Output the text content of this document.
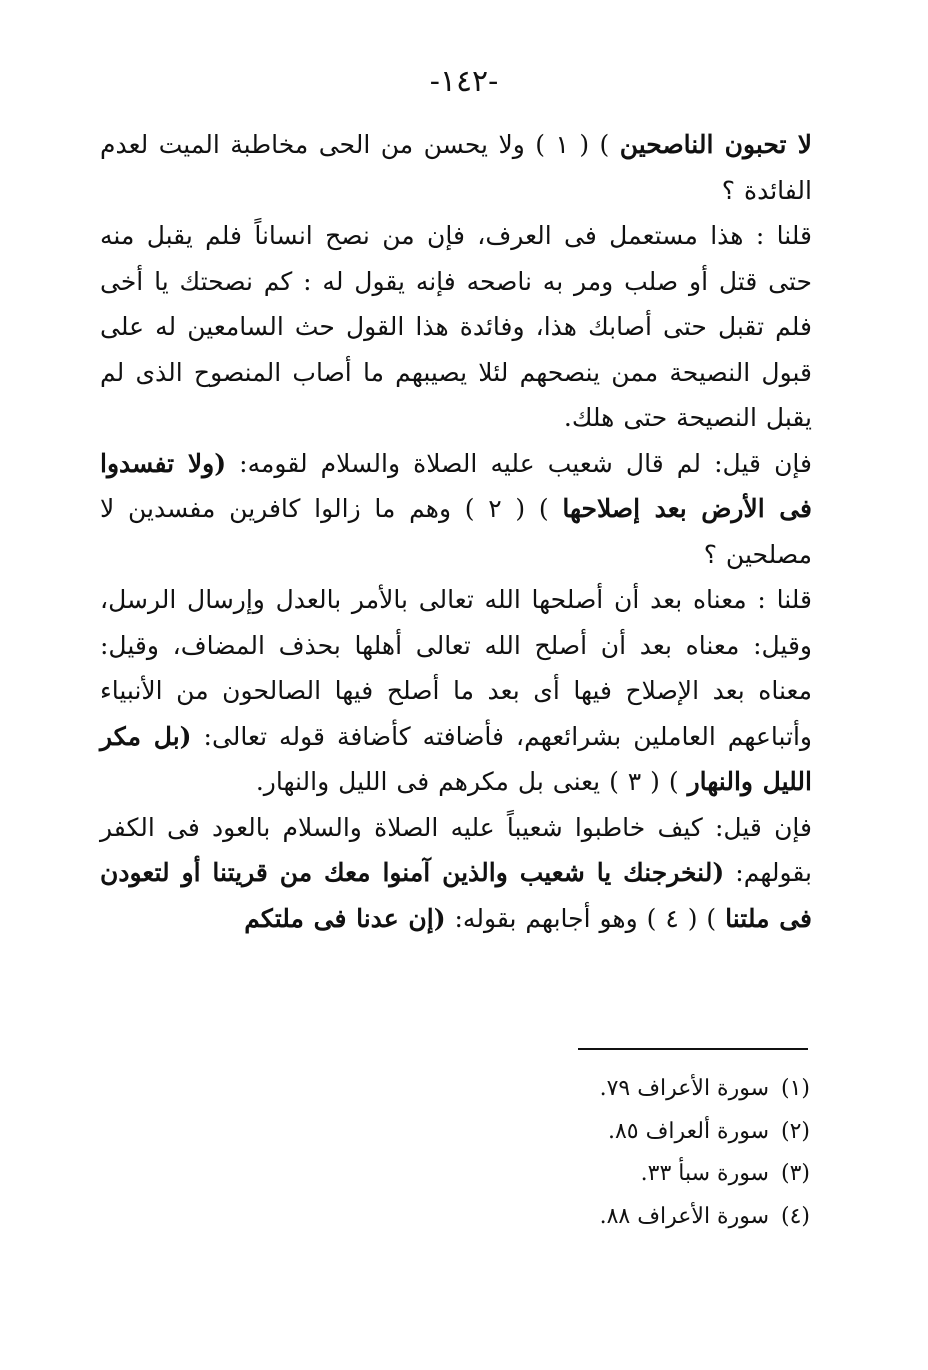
-١٤٢-

لا تحبون الناصحين ) ( ١ ) ولا يحسن من الحى مخاطبة الميت لعدم الفائدة ؟

قلنا : هذا مستعمل فى العرف، فإن من نصح انساناً فلم يقبل منه حتى قتل أو صلب ومر به ناصحه فإنه يقول له : كم نصحتك يا أخى فلم تقبل حتى أصابك هذا، وفائدة هذا القول حث السامعين له على قبول النصيحة ممن ينصحهم لئلا يصيبهم ما أصاب المنصوح الذى لم يقبل النصيحة حتى هلك.

فإن قيل: لم قال شعيب عليه الصلاة والسلام لقومه: (ولا تفسدوا فى الأرض بعد إصلاحها ) ( ٢ ) وهم ما زالوا كافرين مفسدين لا مصلحين ؟

قلنا : معناه بعد أن أصلحها الله تعالى بالأمر بالعدل وإرسال الرسل، وقيل: معناه بعد أن أصلح الله تعالى أهلها بحذف المضاف، وقيل: معناه بعد الإصلاح فيها أى بعد ما أصلح فيها الصالحون من الأنبياء وأتباعهم العاملين بشرائعهم، فأضافته كأضافة قوله تعالى: (بل مكر الليل والنهار ) ( ٣ ) يعنى بل مكرهم فى الليل والنهار.

فإن قيل: كيف خاطبوا شعيباً عليه الصلاة والسلام بالعود فى الكفر بقولهم: (لنخرجنك يا شعيب والذين آمنوا معك من قريتنا أو لتعودن فى ملتنا ) ( ٤ ) وهو أجابهم بقوله: (إن عدنا فى ملتكم

(١) سورة الأعراف ٧٩.

(٢) سورة ألعراف ٨٥.

(٣) سورة سبأ ٣٣.

(٤) سورة الأعراف ٨٨.
